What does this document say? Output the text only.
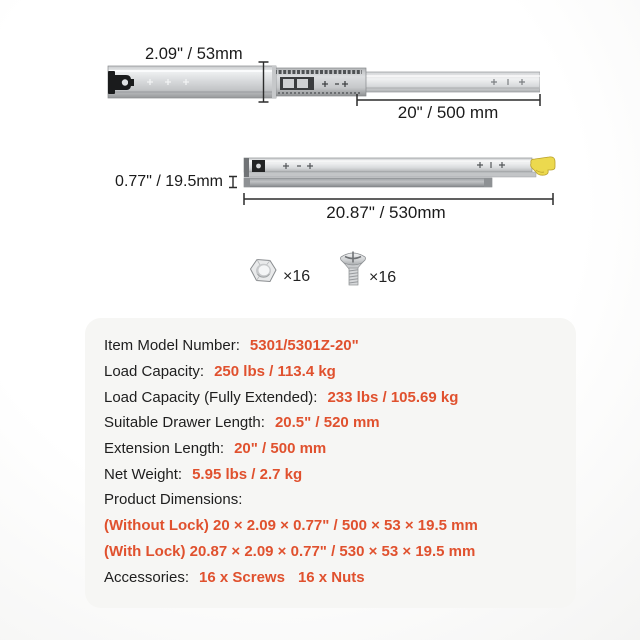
2.09" / 53mm
20" / 500 mm
0.77" / 19.5mm
20.87" / 530mm
×16	×16
Item Model Number: 5301/5301Z-20"
Load Capacity: 250 lbs / 113.4 kg
Load Capacity (Fully Extended): 233 lbs / 105.69 kg
Suitable Drawer Length: 20.5" / 520 mm
Extension Length: 20" / 500 mm
Net Weight: 5.95 lbs / 2.7 kg
Product Dimensions:
(Without Lock) 20 × 2.09 × 0.77" / 500 × 53 × 19.5 mm
(With Lock) 20.87 × 2.09 × 0.77" / 530 × 53 × 19.5 mm
Accessories: 16 x Screws 16 x Nuts
